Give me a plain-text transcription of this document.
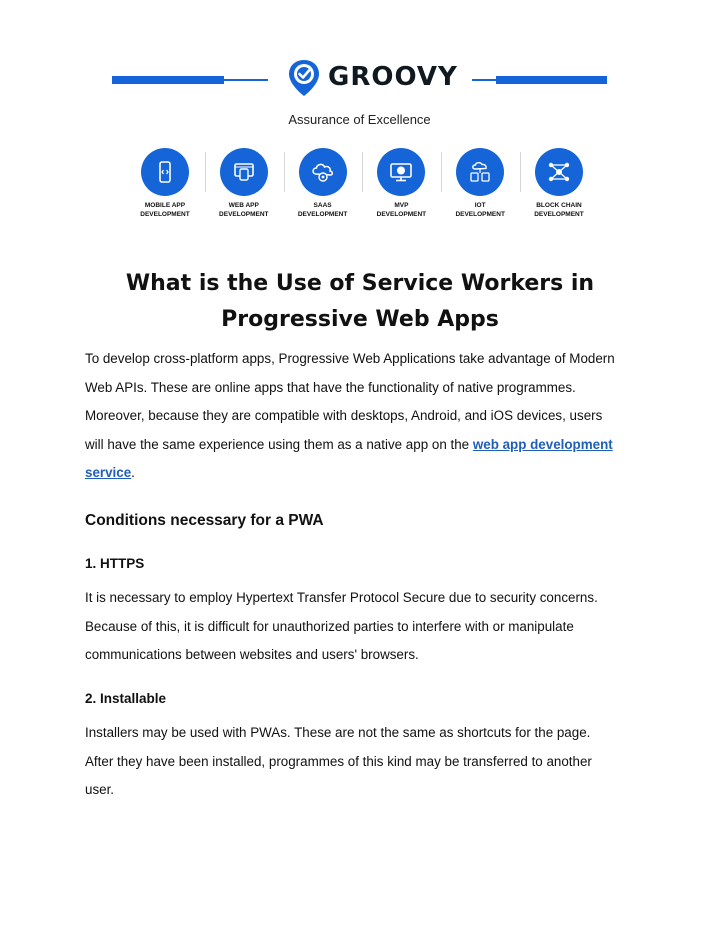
GROOVY
Assurance of Excellence
MOBILE APP
DEVELOPMENT
WEB APP
DEVELOPMENT
SAAS
DEVELOPMENT
MVP
DEVELOPMENT
IOT
DEVELOPMENT
BLOCK CHAIN
DEVELOPMENT
What is the Use of Service Workers in
Progressive Web Apps
To develop cross-platform apps, Progressive Web Applications take advantage of Modern
Web APIs. These are online apps that have the functionality of native programmes.
Moreover, because they are compatible with desktops, Android, and iOS devices, users
will have the same experience using them as a native app on the web app development
service.
Conditions necessary for a PWA
1. HTTPS
It is necessary to employ Hypertext Transfer Protocol Secure due to security concerns.
Because of this, it is difficult for unauthorized parties to interfere with or manipulate
communications between websites and users' browsers.
2. Installable
Installers may be used with PWAs. These are not the same as shortcuts for the page.
After they have been installed, programmes of this kind may be transferred to another
user.
